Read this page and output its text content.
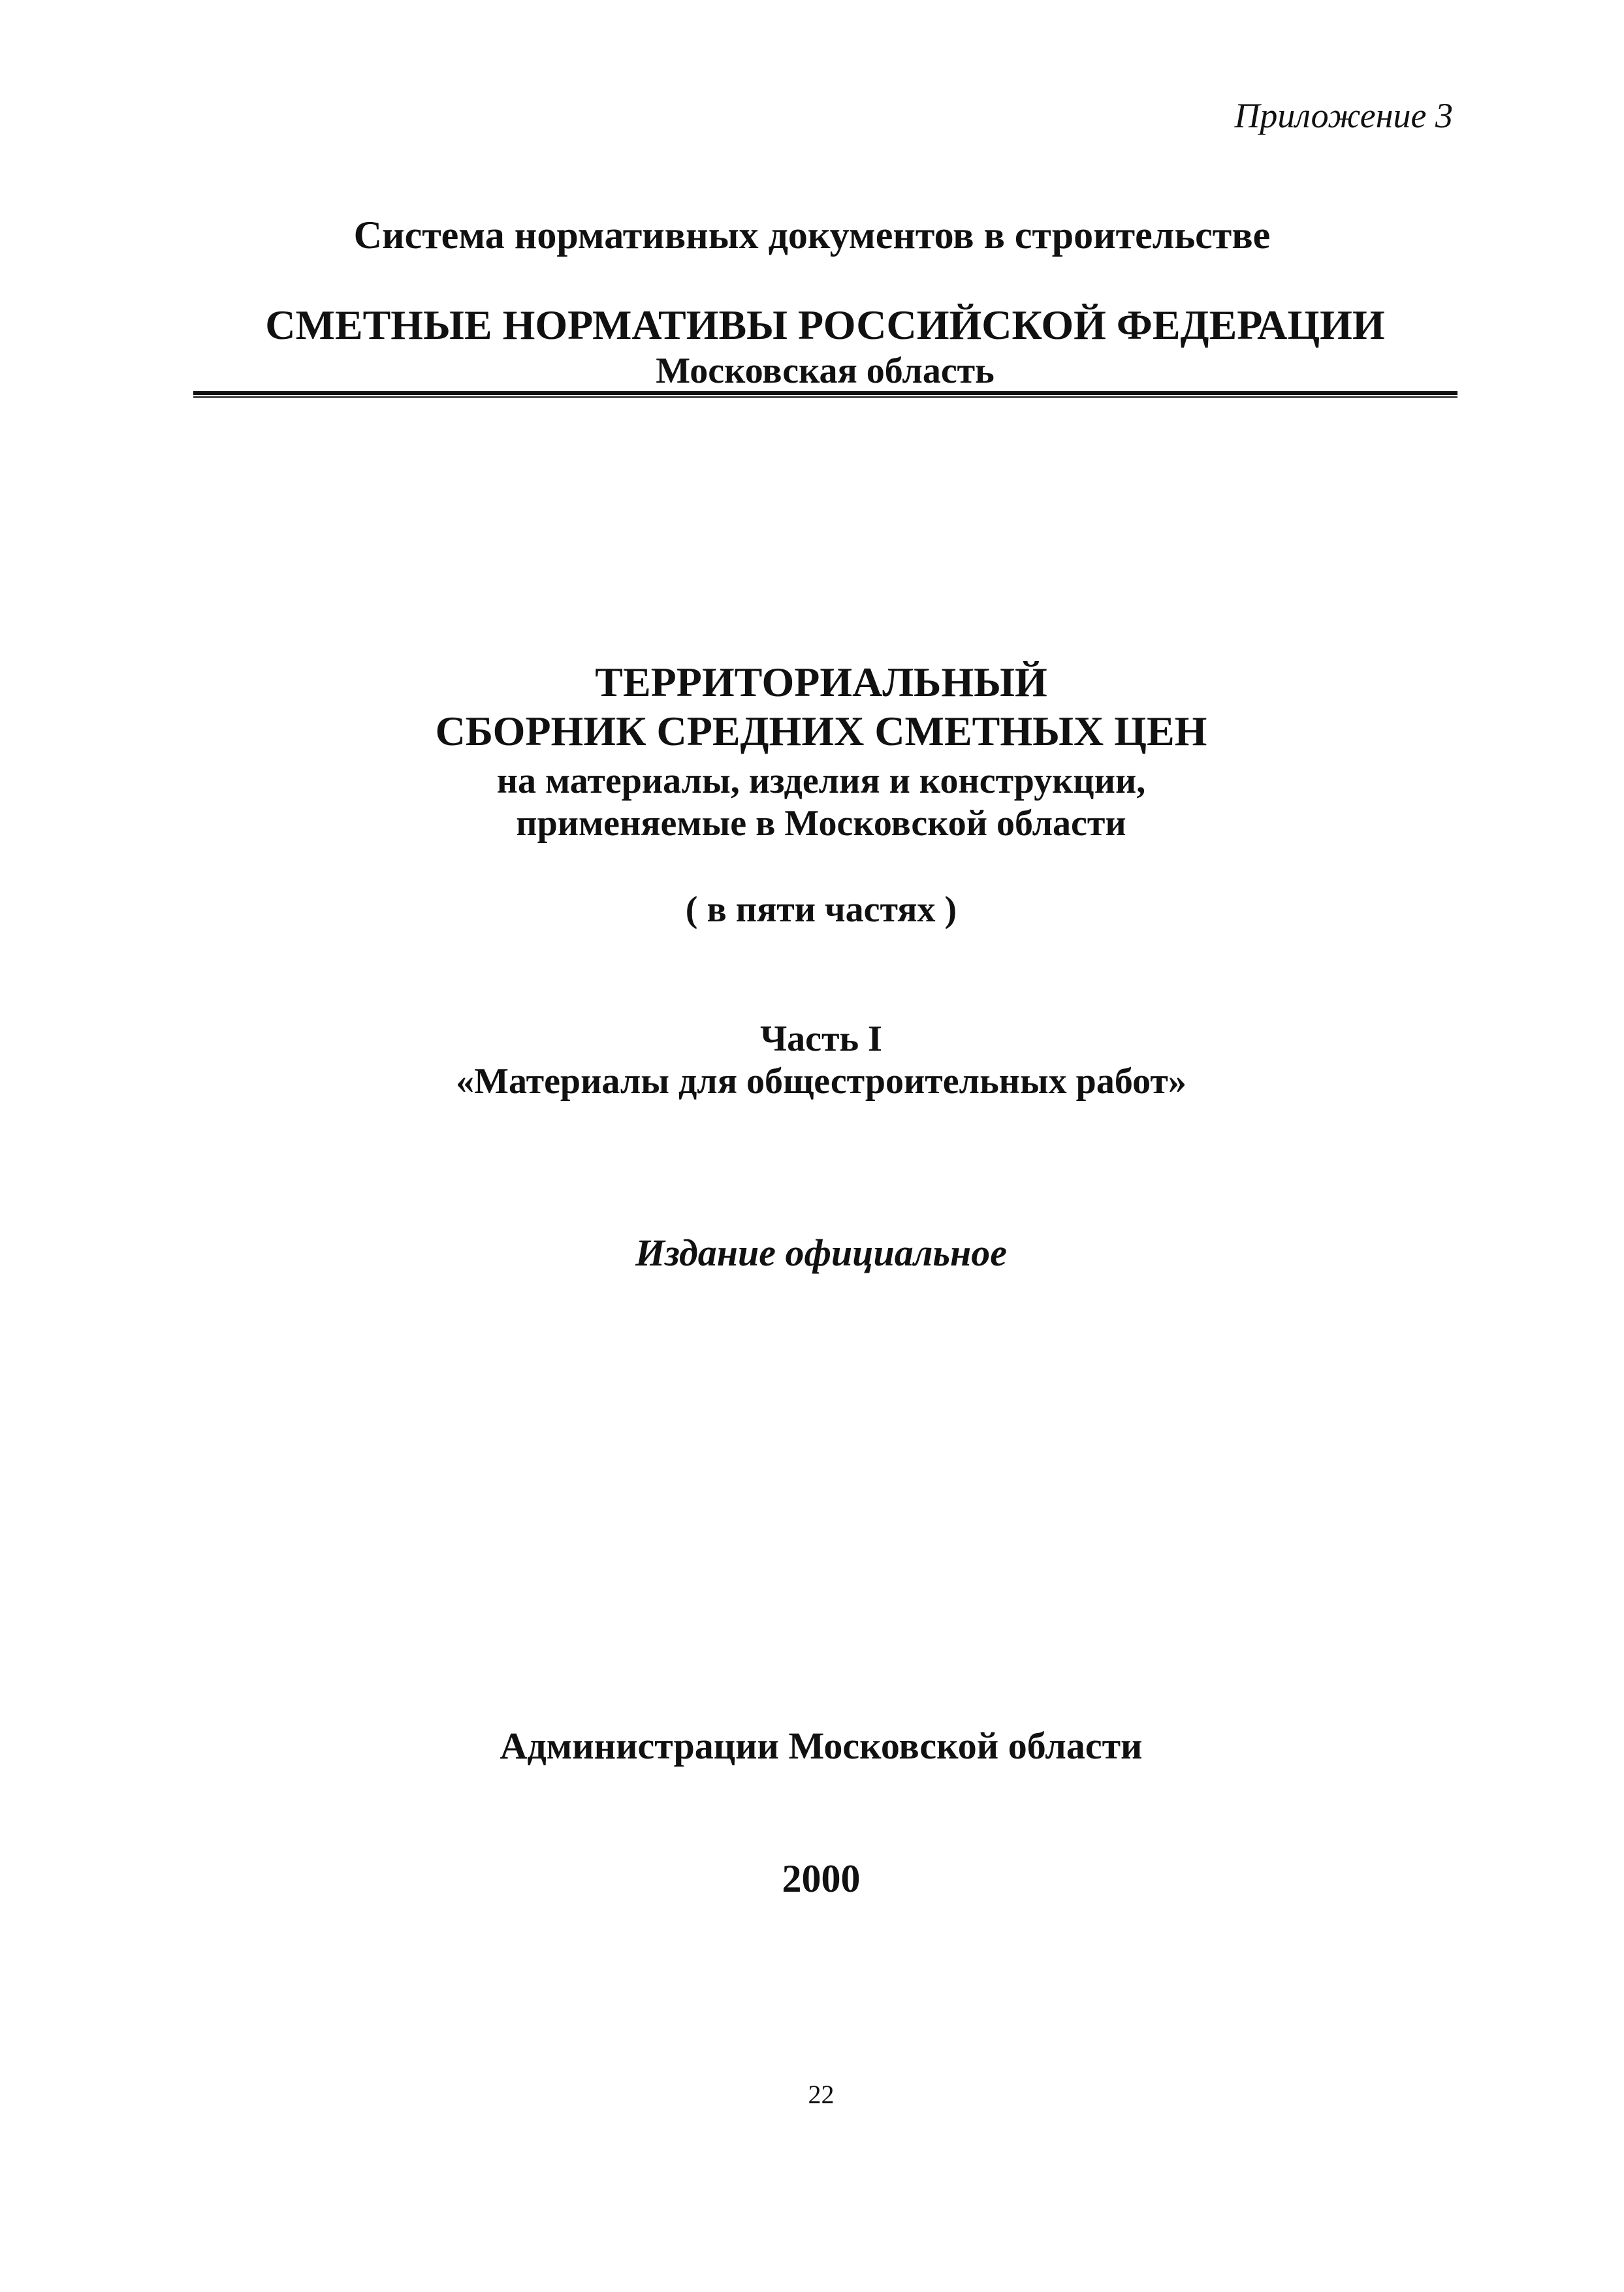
Приложение 3
Система нормативных документов в строительстве
СМЕТНЫЕ НОРМАТИВЫ РОССИЙСКОЙ ФЕДЕРАЦИИ
Московская область
ТЕРРИТОРИАЛЬНЫЙ
СБОРНИК СРЕДНИХ СМЕТНЫХ ЦЕН
на материалы, изделия и конструкции,
применяемые в Московской области
( в пяти частях )
Часть I
«Материалы для общестроительных работ»
Издание официальное
Администрации Московской области
2000
22
